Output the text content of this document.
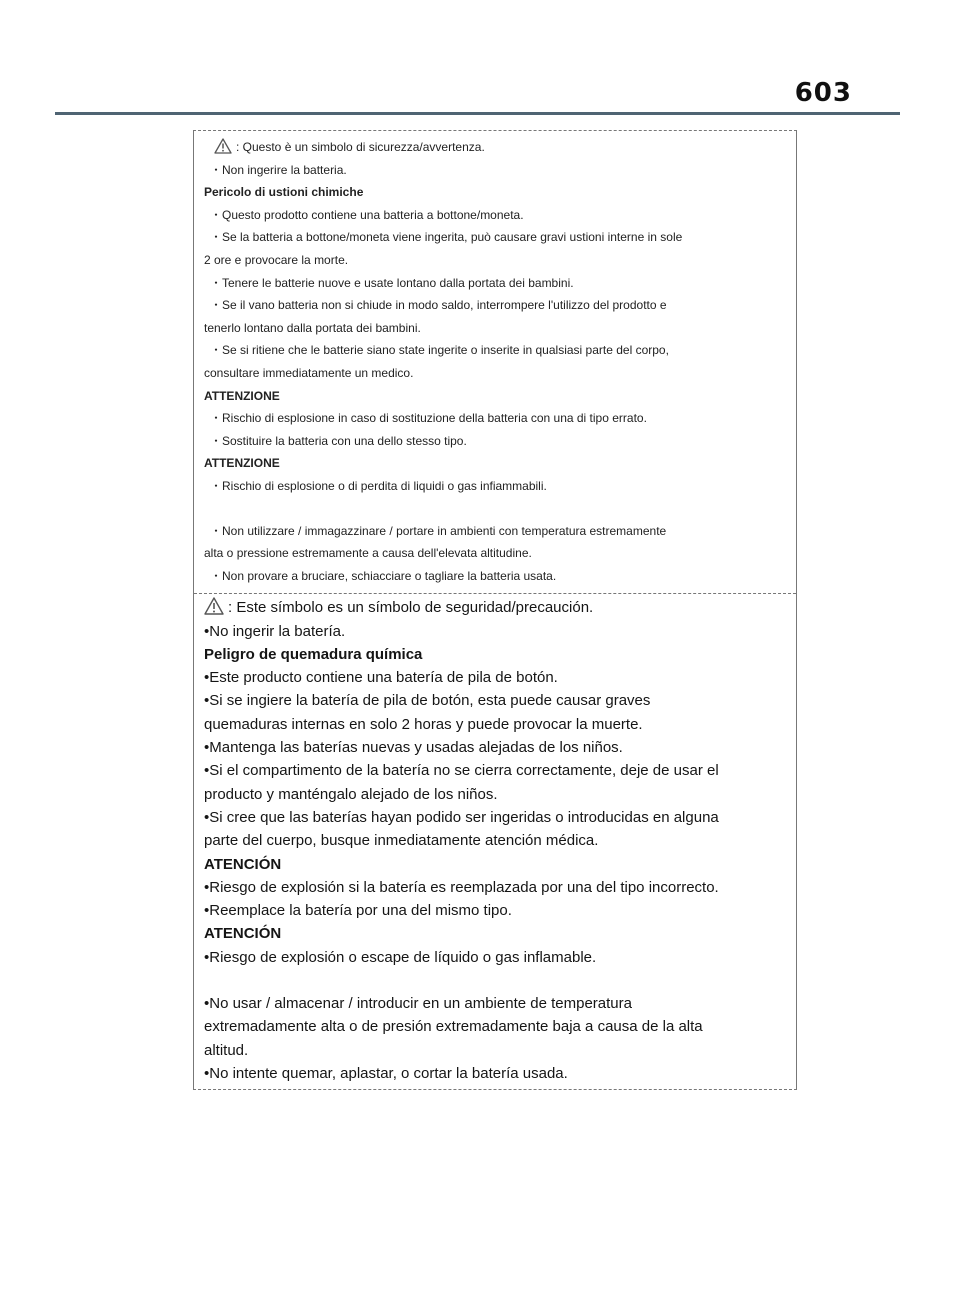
603
: Questo è un simbolo di sicurezza/avvertenza.
・Non ingerire la batteria.
Pericolo di ustioni chimiche
・Questo prodotto contiene una batteria a bottone/moneta.
・Se la batteria a bottone/moneta viene ingerita, può causare gravi ustioni interne in sole
2 ore e provocare la morte.
・Tenere le batterie nuove e usate lontano dalla portata dei bambini.
・Se il vano batteria non si chiude in modo saldo, interrompere l'utilizzo del prodotto e
tenerlo lontano dalla portata dei bambini.
・Se si ritiene che le batterie siano state ingerite o inserite in qualsiasi parte del corpo,
consultare immediatamente un medico.
ATTENZIONE
・Rischio di esplosione in caso di sostituzione della batteria con una di tipo errato.
・Sostituire la batteria con una dello stesso tipo.
ATTENZIONE
・Rischio di esplosione o di perdita di liquidi o gas infiammabili.
・Non utilizzare / immagazzinare / portare in ambienti con temperatura estremamente
alta o pressione estremamente a causa dell'elevata altitudine.
・Non provare a bruciare, schiacciare o tagliare la batteria usata.
: Este símbolo es un símbolo de seguridad/precaución.
•No ingerir la batería.
Peligro de quemadura química
•Este producto contiene una batería de pila de botón.
•Si se ingiere la batería de pila de botón, esta puede causar graves
quemaduras internas en solo 2 horas y puede provocar la muerte.
•Mantenga las baterías nuevas y usadas alejadas de los niños.
•Si el compartimento de la batería no se cierra correctamente, deje de usar el
producto y manténgalo alejado de los niños.
•Si cree que las baterías hayan podido ser ingeridas o introducidas en alguna
parte del cuerpo, busque inmediatamente atención médica.
ATENCIÓN
•Riesgo de explosión si la batería es reemplazada por una del tipo incorrecto.
•Reemplace la batería por una del mismo tipo.
ATENCIÓN
•Riesgo de explosión o escape de líquido o gas inflamable.
•No usar / almacenar / introducir en un ambiente de temperatura
extremadamente alta o de presión extremadamente baja a causa de la alta
altitud.
•No intente quemar, aplastar, o cortar la batería usada.
